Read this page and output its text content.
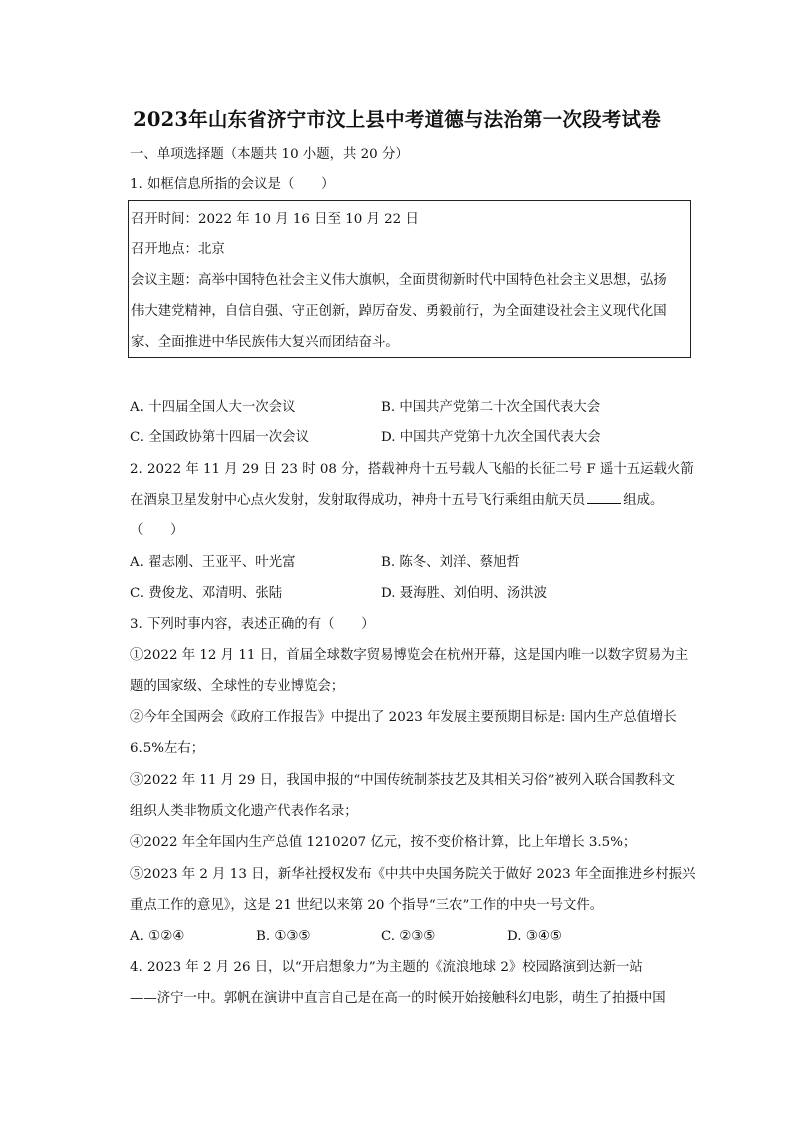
2023年山东省济宁市汶上县中考道德与法治第一次段考试卷
一、单项选择题（本题共 10 小题，共 20 分）
1. 如框信息所指的会议是（　　）
召开时间：2022 年 10 月 16 日至 10 月 22 日
召开地点：北京
会议主题：高举中国特色社会主义伟大旗帜，全面贯彻新时代中国特色社会主义思想，弘扬
伟大建党精神，自信自强、守正创新，踔厉奋发、勇毅前行，为全面建设社会主义现代化国
家、全面推进中华民族伟大复兴而团结奋斗。
A. 十四届全国人大一次会议	B. 中国共产党第二十次全国代表大会
C. 全国政协第十四届一次会议	D. 中国共产党第十九次全国代表大会
2. 2022 年 11 月 29 日 23 时 08 分，搭载神舟十五号载人飞船的长征二号 F 遥十五运载火箭
在酒泉卫星发射中心点火发射，发射取得成功，神舟十五号飞行乘组由航天员	组成。
（　　）
A. 翟志刚、王亚平、叶光富	B. 陈冬、刘洋、蔡旭哲
C. 费俊龙、邓清明、张陆	D. 聂海胜、刘伯明、汤洪波
3. 下列时事内容，表述正确的有（　　）
①2022 年 12 月 11 日，首届全球数字贸易博览会在杭州开幕，这是国内唯一以数字贸易为主
题的国家级、全球性的专业博览会；
②今年全国两会《政府工作报告》中提出了 2023 年发展主要预期目标是: 国内生产总值增长
6.5%左右；
③2022 年 11 月 29 日，我国申报的“中国传统制茶技艺及其相关习俗”被列入联合国教科文
组织人类非物质文化遗产代表作名录；
④2022 年全年国内生产总值 1210207 亿元，按不变价格计算，比上年增长 3.5%；
⑤2023 年 2 月 13 日，新华社授权发布《中共中央国务院关于做好 2023 年全面推进乡村振兴
重点工作的意见》，这是 21 世纪以来第 20 个指导“三农”工作的中央一号文件。
A. ①②④	B. ①③⑤	C. ②③⑤	D. ③④⑤
4. 2023 年 2 月 26 日，以“开启想象力”为主题的《流浪地球 2》校园路演到达新一站
——济宁一中。郭帆在演讲中直言自己是在高一的时候开始接触科幻电影，萌生了拍摄中国
